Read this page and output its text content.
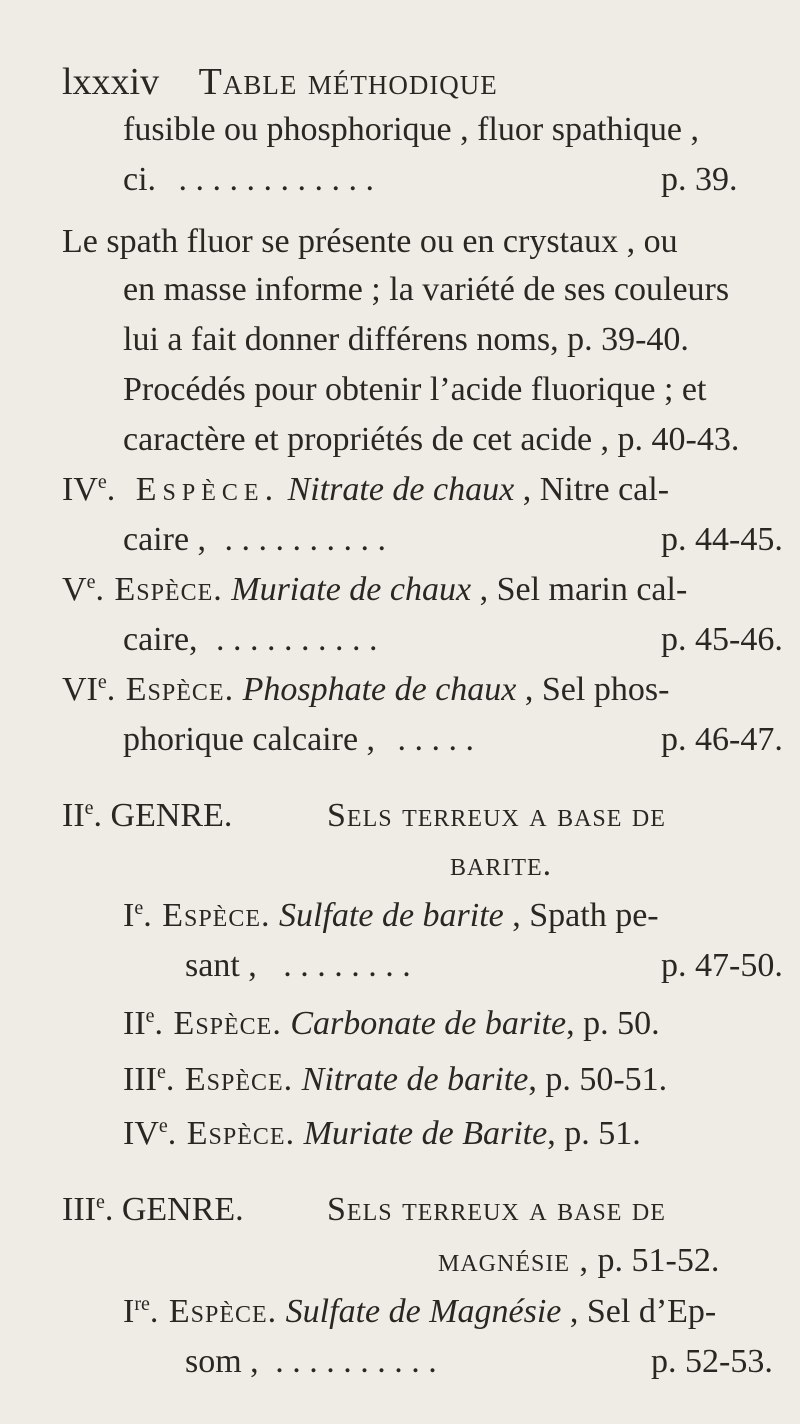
lxxxiv Table méthodique
fusible ou phosphorique , fluor spathique ,
ci. . . . . . . . . . . . .	p. 39.
Le spath fluor se présente ou en crystaux , ou
en masse informe ; la variété de ses couleurs
lui a fait donner différens noms, p. 39-40.
Procédés pour obtenir l’acide fluorique ; et
caractère et propriétés de cet acide , p. 40-43.
IVe. Espèce. Nitrate de chaux , Nitre cal-
caire , . . . . . . . . . .	p. 44-45.
Ve. Espèce. Muriate de chaux , Sel marin cal-
caire, . . . . . . . . . .	p. 45-46.
VIe. Espèce. Phosphate de chaux , Sel phos-
phorique calcaire , . . . . .	p. 46-47.
IIe. GENRE.	Sels terreux a base de
barite.
Ie. Espèce. Sulfate de barite , Spath pe-
sant , . . . . . . . .	p. 47-50.
IIe. Espèce. Carbonate de barite, p. 50.
IIIe. Espèce. Nitrate de barite, p. 50-51.
IVe. Espèce. Muriate de Barite, p. 51.
IIIe. GENRE. Sels terreux a base de
magnésie , p. 51-52.
Ire. Espèce. Sulfate de Magnésie , Sel d’Ep-
som , . . . . . . . . . .	p. 52-53.
